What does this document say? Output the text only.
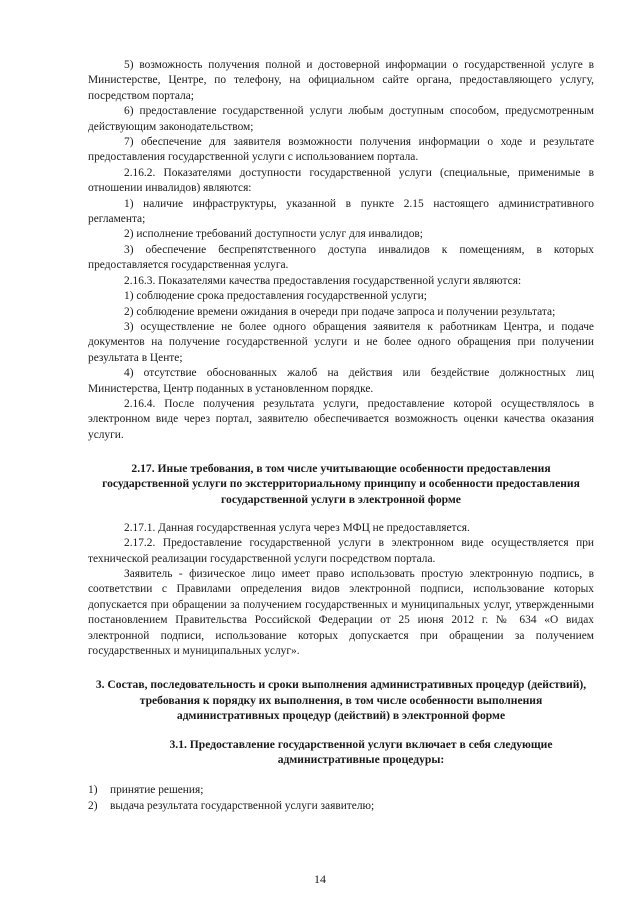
5) возможность получения полной и достоверной информации о государственной услуге в Министерстве, Центре, по телефону, на официальном сайте органа, предоставляющего услугу, посредством портала;

6) предоставление государственной услуги любым доступным способом, предусмотренным действующим законодательством;

7) обеспечение для заявителя возможности получения информации о ходе и результате предоставления государственной услуги с использованием портала.

2.16.2. Показателями доступности государственной услуги (специальные, применимые в отношении инвалидов) являются:

1) наличие инфраструктуры, указанной в пункте 2.15 настоящего административного регламента;

2) исполнение требований доступности услуг для инвалидов;

3) обеспечение беспрепятственного доступа инвалидов к помещениям, в которых предоставляется государственная услуга.

2.16.3. Показателями качества предоставления государственной услуги являются:

1) соблюдение срока предоставления государственной услуги;

2) соблюдение времени ожидания в очереди при подаче запроса и получении результата;

3) осуществление не более одного обращения заявителя к работникам Центра, и подаче документов на получение государственной услуги и не более одного обращения при получении результата в Центе;

4) отсутствие обоснованных жалоб на действия или бездействие должностных лиц Министерства, Центр поданных в установленном порядке.

2.16.4. После получения результата услуги, предоставление которой осуществлялось в электронном виде через портал, заявителю обеспечивается возможность оценки качества оказания услуги.

2.17. Иные требования, в том числе учитывающие особенности предоставления государственной услуги по экстерриториальному принципу и особенности предоставления государственной услуги в электронной форме

2.17.1. Данная государственная услуга через МФЦ не предоставляется.

2.17.2. Предоставление государственной услуги в электронном виде осуществляется при технической реализации государственной услуги посредством портала.

Заявитель - физическое лицо имеет право использовать простую электронную подпись, в соответствии с Правилами определения видов электронной подписи, использование которых допускается при обращении за получением государственных и муниципальных услуг, утвержденными постановлением Правительства Российской Федерации от 25 июня 2012 г. № 634 «О видах электронной подписи, использование которых допускается при обращении за получением государственных и муниципальных услуг».

3. Состав, последовательность и сроки выполнения административных процедур (действий), требования к порядку их выполнения, в том числе особенности выполнения административных процедур (действий) в электронной форме
3.1. Предоставление государственной услуги включает в себя следующие административные процедуры:
1) принятие решения;
2) выдача результата государственной услуги заявителю;
14
